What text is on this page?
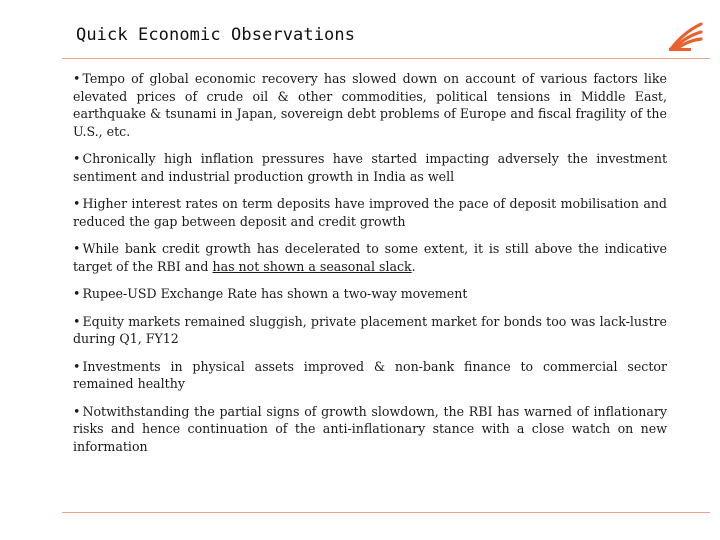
Quick Economic Observations
• Tempo of global economic recovery has slowed down on account of various factors like elevated prices of crude oil & other commodities, political tensions in Middle East, earthquake & tsunami in Japan, sovereign debt problems of Europe and fiscal fragility of the U.S., etc.
• Chronically high inflation pressures have started impacting adversely the investment sentiment and industrial production growth in India as well
• Higher interest rates on term deposits have improved the pace of deposit mobilisation and reduced the gap between deposit and credit growth
• While bank credit growth has decelerated to some extent, it is still above the indicative target of the RBI and has not shown a seasonal slack.
• Rupee-USD Exchange Rate has shown a two-way movement
• Equity markets remained sluggish, private placement market for bonds too was lack-lustre during Q1, FY12
• Investments in physical assets improved & non-bank finance to commercial sector remained healthy
• Notwithstanding the partial signs of growth slowdown, the RBI has warned of inflationary risks and hence continuation of the anti-inflationary stance with a close watch on new information
